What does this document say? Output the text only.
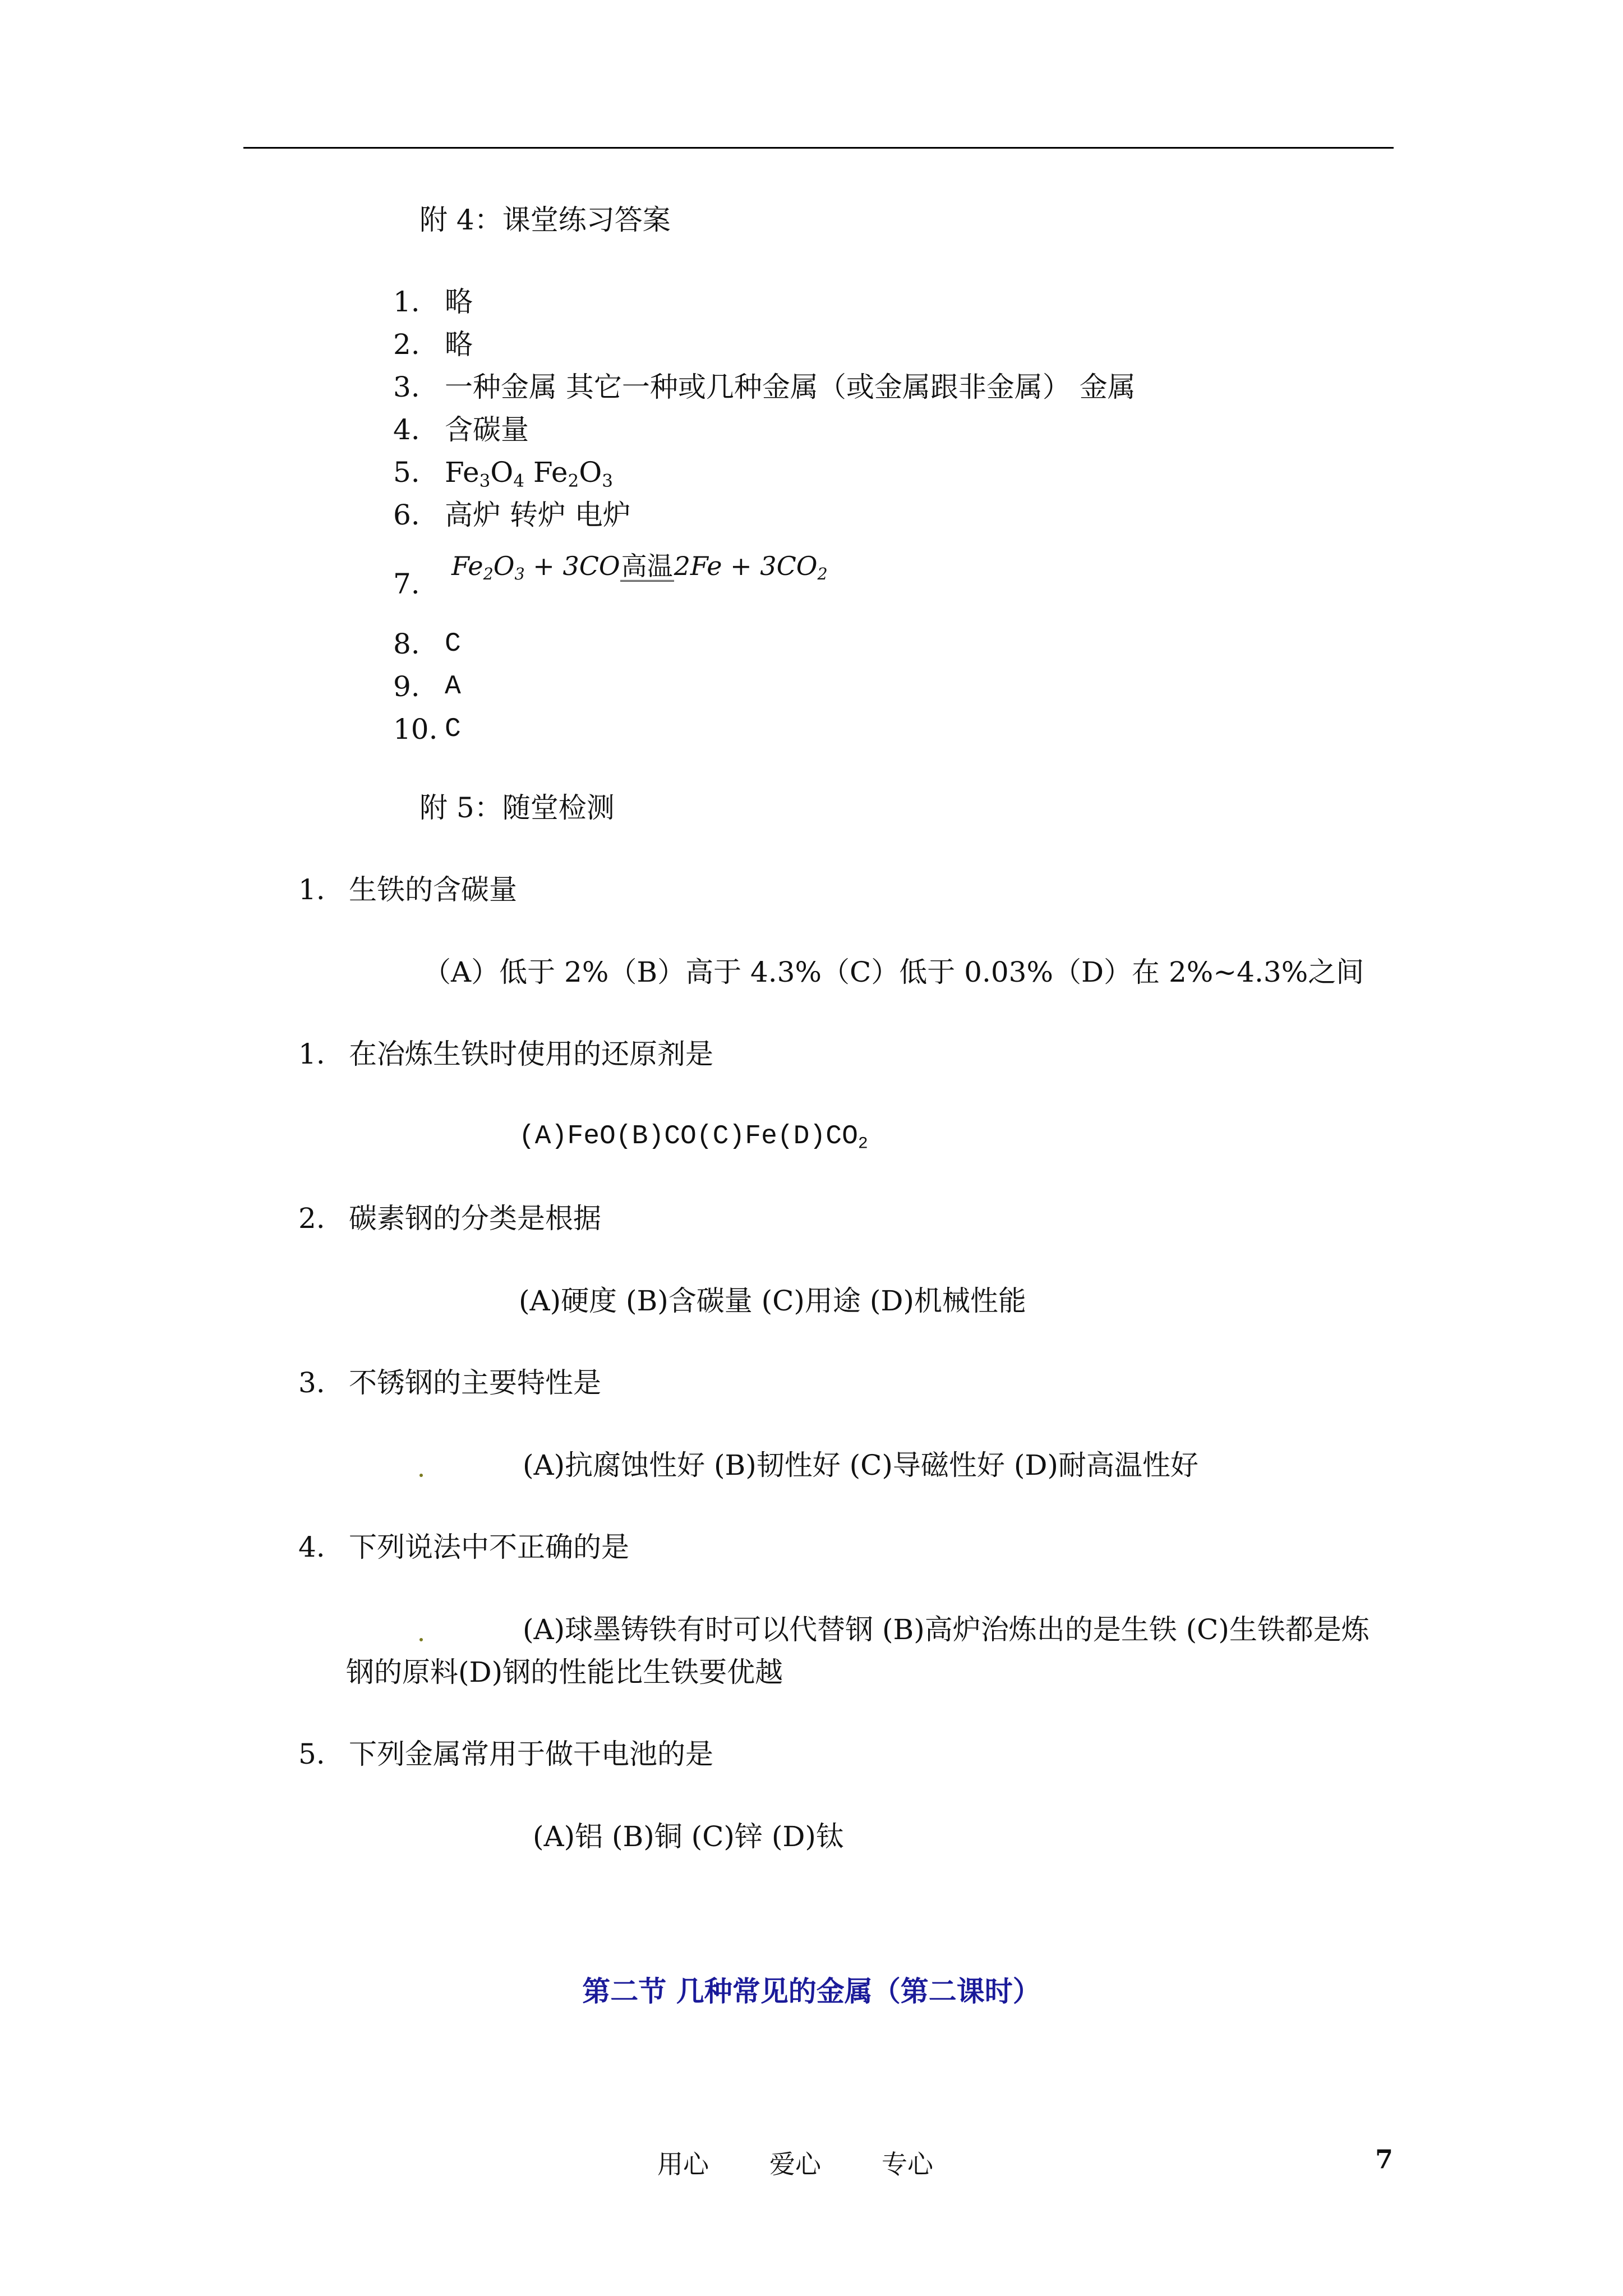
附 4：课堂练习答案
1. 略
2. 略
3. 一种金属 其它一种或几种金属（或金属跟非金属） 金属
4. 含碳量
5. $Fe_3O_4$ $Fe_2O_3$
6. 高炉 转炉 电炉
7.
$Fe_2O_3 + 3CO$高温$2Fe + 3CO_2$
8. C
9. A
10. C
附 5：随堂检测
1. 生铁的含碳量
（A）低于 2%（B）高于 4.3%（C）低于 0.03%（D）在 2%~4.3%之间
1. 在冶炼生铁时使用的还原剂是
$(A)FeO(B)CO(C)Fe(D)CO_2$
2. 碳素钢的分类是根据
(A)硬度 (B)含碳量 (C)用途 (D)机械性能
3. 不锈钢的主要特性是
(A)抗腐蚀性好 (B)韧性好 (C)导磁性好 (D)耐高温性好
4. 下列说法中不正确的是
(A)球墨铸铁有时可以代替钢 (B)高炉治炼出的是生铁 (C)生铁都是炼
钢的原料(D)钢的性能比生铁要优越
5. 下列金属常用于做干电池的是
(A)铝 (B)铜 (C)锌 (D)钛
第二节 几种常见的金属（第二课时）
用心 爱心 专心	7
